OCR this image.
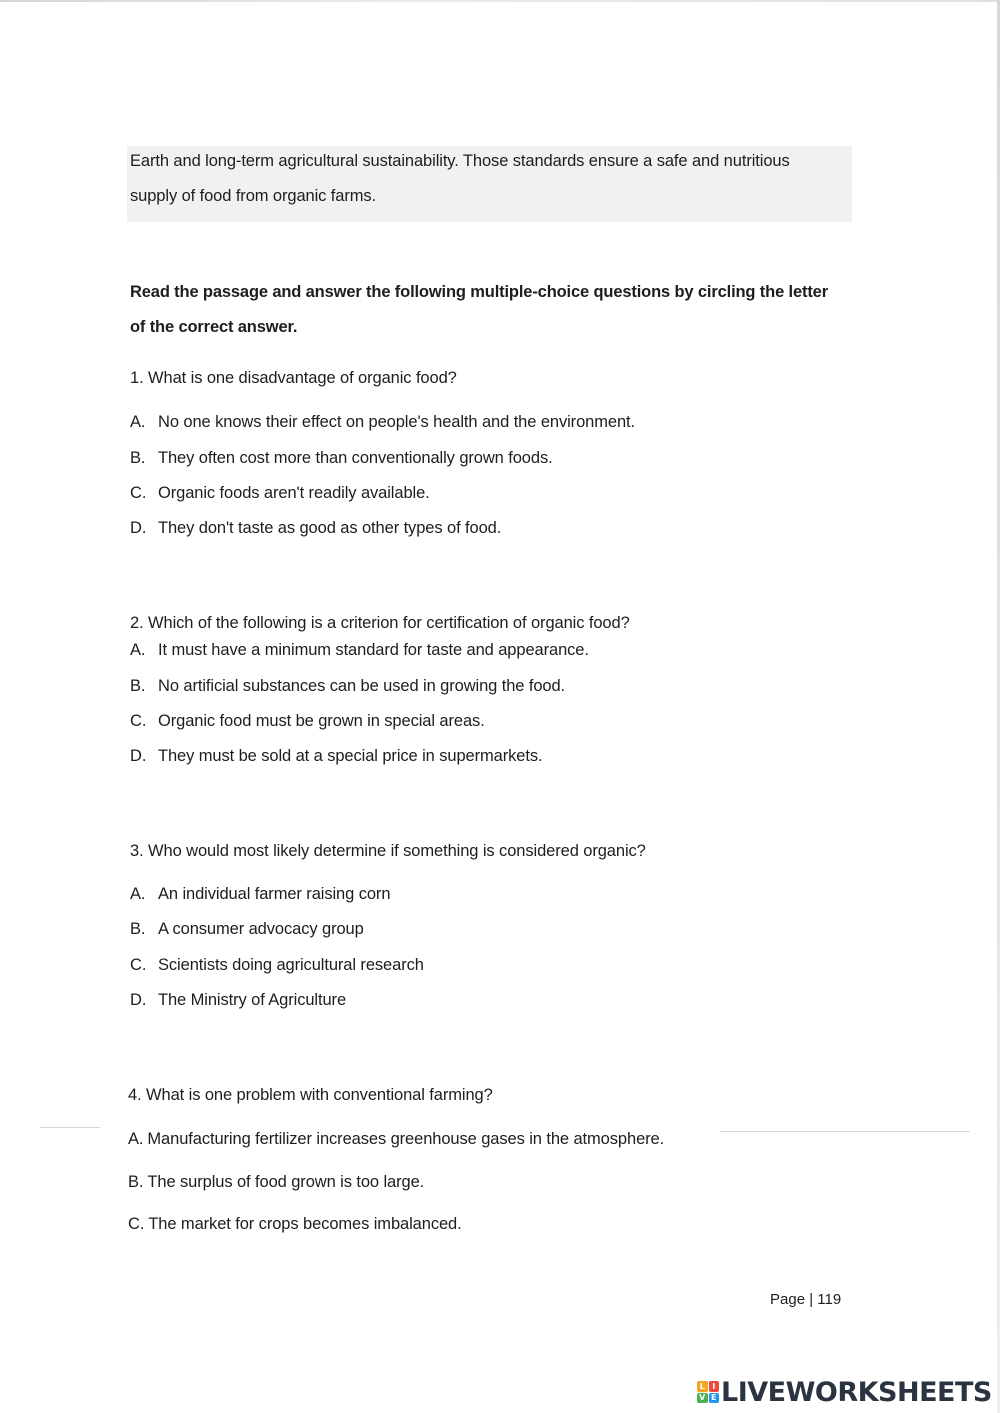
Earth and long-term agricultural sustainability. Those standards ensure a safe and nutritious
supply of food from organic farms.
Read the passage and answer the following multiple-choice questions by circling the letter
of the correct answer.
1. What is one disadvantage of organic food?
A. No one knows their effect on people's health and the environment.
B. They often cost more than conventionally grown foods.
C. Organic foods aren't readily available.
D. They don't taste as good as other types of food.
2. Which of the following is a criterion for certification of organic food?
A. It must have a minimum standard for taste and appearance.
B. No artificial substances can be used in growing the food.
C. Organic food must be grown in special areas.
D. They must be sold at a special price in supermarkets.
3. Who would most likely determine if something is considered organic?
A. An individual farmer raising corn
B. A consumer advocacy group
C. Scientists doing agricultural research
D. The Ministry of Agriculture
4. What is one problem with conventional farming?
A. Manufacturing fertilizer increases greenhouse gases in the atmosphere.
B. The surplus of food grown is too large.
C. The market for crops becomes imbalanced.
Page | 119
L I
V E LIVEWORKSHEETS
